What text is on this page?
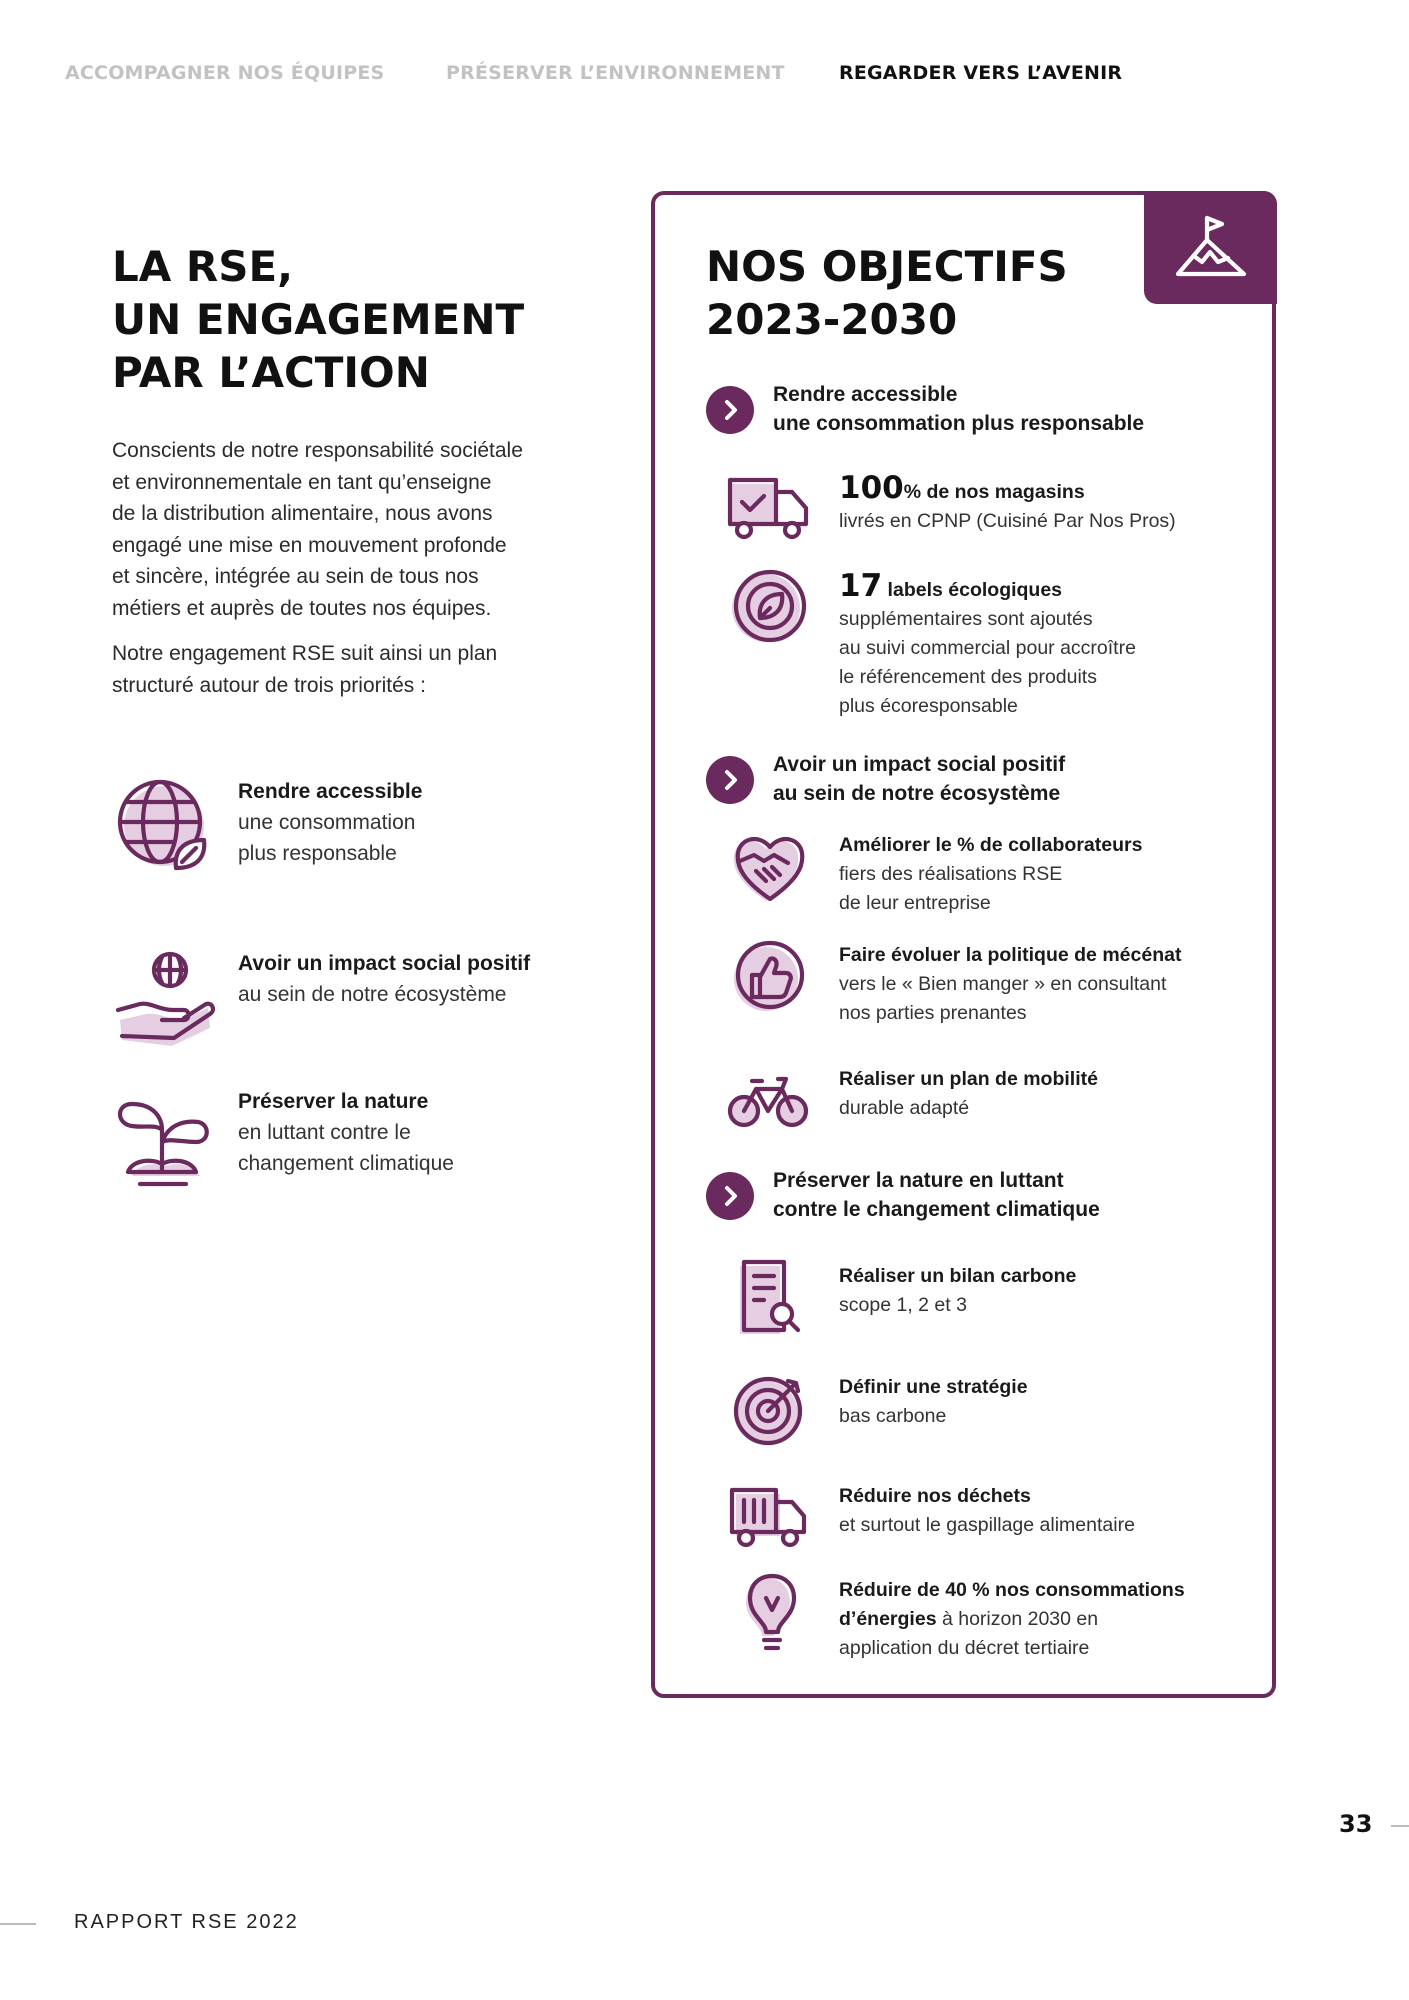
ACCOMPAGNER NOS ÉQUIPES	PRÉSERVER L’ENVIRONNEMENT	REGARDER VERS L’AVENIR
LA RSE,
UN ENGAGEMENT
PAR L’ACTION

Conscients de notre responsabilité sociétale
et environnementale en tant qu’enseigne
de la distribution alimentaire, nous avons
engagé une mise en mouvement profonde
et sincère, intégrée au sein de tous nos
métiers et auprès de toutes nos équipes.

Notre engagement RSE suit ainsi un plan
structuré autour de trois priorités :

Rendre accessible
une consommation
plus responsable
Avoir un impact social positif
au sein de notre écosystème
Préserver la nature
en luttant contre le
changement climatique
NOS OBJECTIFS
2023-2030
Rendre accessible
une consommation plus responsable
100% de nos magasins
livrés en CPNP (Cuisiné Par Nos Pros)
17 labels écologiques
supplémentaires sont ajoutés
au suivi commercial pour accroître
le référencement des produits
plus écoresponsable
Avoir un impact social positif
au sein de notre écosystème
Améliorer le % de collaborateurs
fiers des réalisations RSE
de leur entreprise
Faire évoluer la politique de mécénat
vers le « Bien manger » en consultant
nos parties prenantes
Réaliser un plan de mobilité
durable adapté
Préserver la nature en luttant
contre le changement climatique
Réaliser un bilan carbone
scope 1, 2 et 3
Définir une stratégie
bas carbone
Réduire nos déchets
et surtout le gaspillage alimentaire
Réduire de 40 % nos consommations
d’énergies à horizon 2030 en
application du décret tertiaire
33
RAPPORT RSE 2022
